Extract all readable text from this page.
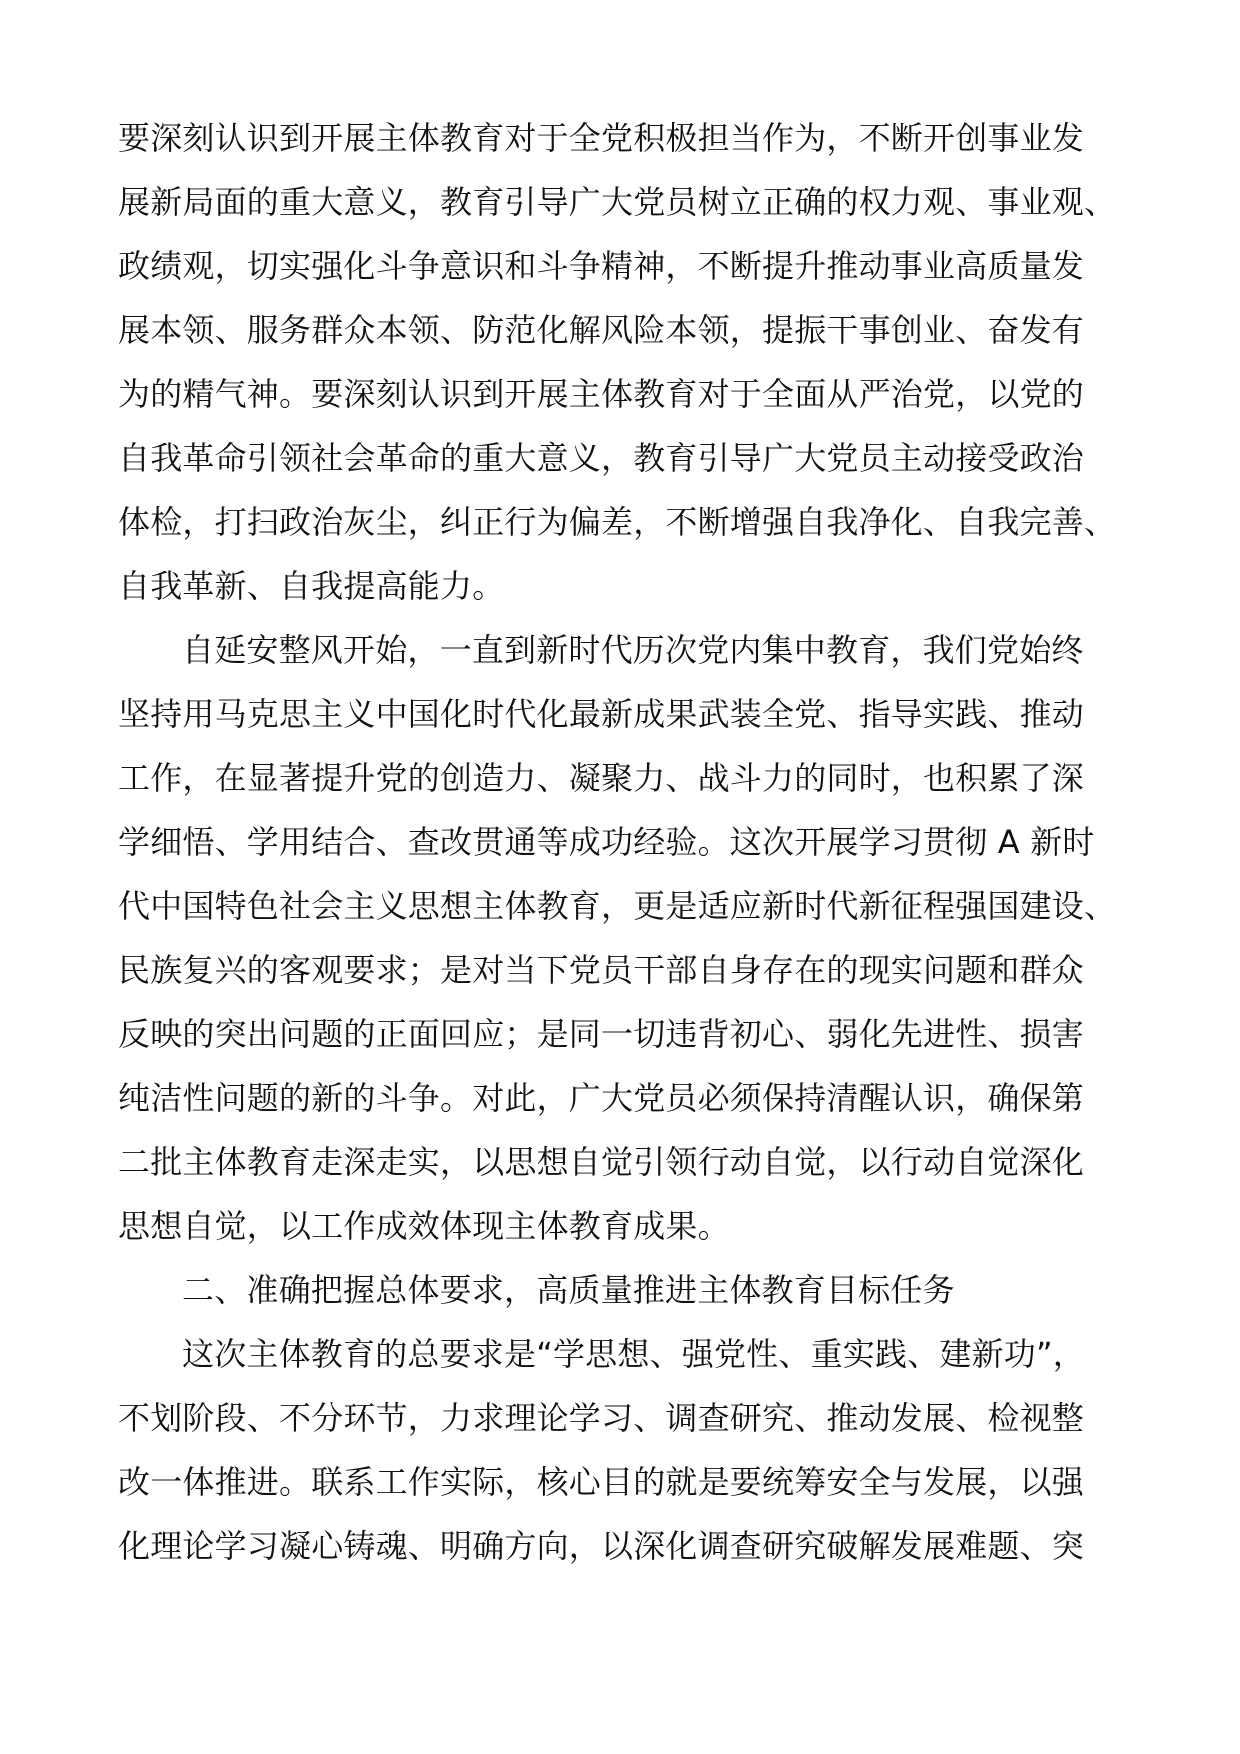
要深刻认识到开展主体教育对于全党积极担当作为，不断开创事业发
展新局面的重大意义，教育引导广大党员树立正确的权力观、事业观、
政绩观，切实强化斗争意识和斗争精神，不断提升推动事业高质量发
展本领、服务群众本领、防范化解风险本领，提振干事创业、奋发有
为的精气神。要深刻认识到开展主体教育对于全面从严治党，以党的
自我革命引领社会革命的重大意义，教育引导广大党员主动接受政治
体检，打扫政治灰尘，纠正行为偏差，不断增强自我净化、自我完善、
自我革新、自我提高能力。
自延安整风开始，一直到新时代历次党内集中教育，我们党始终
坚持用马克思主义中国化时代化最新成果武装全党、指导实践、推动
工作，在显著提升党的创造力、凝聚力、战斗力的同时，也积累了深
学细悟、学用结合、查改贯通等成功经验。这次开展学习贯彻 A 新时
代中国特色社会主义思想主体教育，更是适应新时代新征程强国建设、
民族复兴的客观要求；是对当下党员干部自身存在的现实问题和群众
反映的突出问题的正面回应；是同一切违背初心、弱化先进性、损害
纯洁性问题的新的斗争。对此，广大党员必须保持清醒认识，确保第
二批主体教育走深走实，以思想自觉引领行动自觉，以行动自觉深化
思想自觉，以工作成效体现主体教育成果。
二、准确把握总体要求，高质量推进主体教育目标任务
这次主体教育的总要求是“学思想、强党性、重实践、建新功”，
不划阶段、不分环节，力求理论学习、调查研究、推动发展、检视整
改一体推进。联系工作实际，核心目的就是要统筹安全与发展，以强
化理论学习凝心铸魂、明确方向，以深化调查研究破解发展难题、突
